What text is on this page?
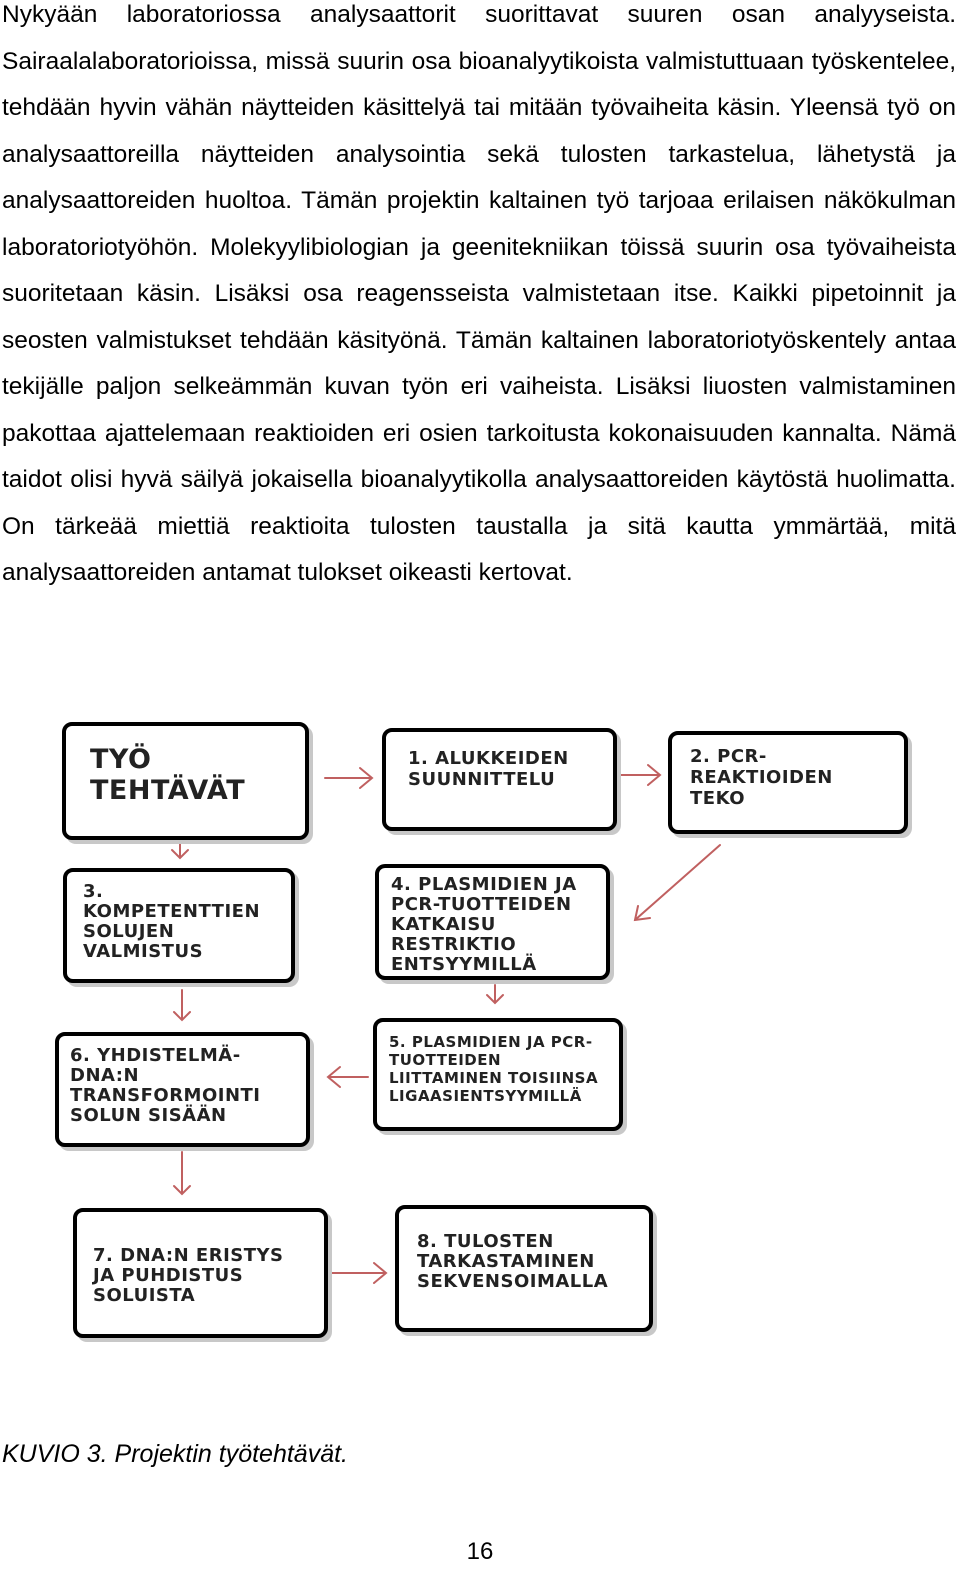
Nykyään laboratoriossa analysaattorit suorittavat suuren osan analyyseista. Sairaalalaboratorioissa, missä suurin osa bioanalyytikoista valmistuttuaan työskentelee, tehdään hyvin vähän näytteiden käsittelyä tai mitään työvaiheita käsin. Yleensä työ on analysaattoreilla näytteiden analysointia sekä tulosten tarkastelua, lähetystä ja analysaattoreiden huoltoa. Tämän projektin kaltainen työ tarjoaa erilaisen näkökulman laboratoriotyöhön. Molekyylibiologian ja geenitekniikan töissä suurin osa työvaiheista suoritetaan käsin. Lisäksi osa reagensseista valmistetaan itse. Kaikki pipetoinnit ja seosten valmistukset tehdään käsityönä. Tämän kaltainen laboratoriotyöskentely antaa tekijälle paljon selkeämmän kuvan työn eri vaiheista. Lisäksi liuosten valmistaminen pakottaa ajattelemaan reaktioiden eri osien tarkoitusta kokonaisuuden kannalta. Nämä taidot olisi hyvä säilyä jokaisella bioanalyytikolla analysaattoreiden käytöstä huolimatta. On tärkeää miettiä reaktioita tulosten taustalla ja sitä kautta ymmärtää, mitä analysaattoreiden antamat tulokset oikeasti kertovat.

TYÖ
TEHTÄVÄT

1. ALUKKEIDEN
SUUNNITTELU

2. PCR-
REAKTIOIDEN
TEKO

3.
KOMPETENTTIEN
SOLUJEN
VALMISTUS

4. PLASMIDIEN JA
PCR-TUOTTEIDEN
KATKAISU
RESTRIKTIO
ENTSYYMILLÄ

5. PLASMIDIEN JA PCR-
TUOTTEIDEN
LIITTAMINEN TOISIINSA
LIGAASIENTSYYMILLÄ

6. YHDISTELMÄ-
DNA:N
TRANSFORMOINTI
SOLUN SISÄÄN

7. DNA:N ERISTYS
JA PUHDISTUS
SOLUISTA

8. TULOSTEN
TARKASTAMINEN
SEKVENSOIMALLA

KUVIO 3. Projektin työtehtävät.

16
